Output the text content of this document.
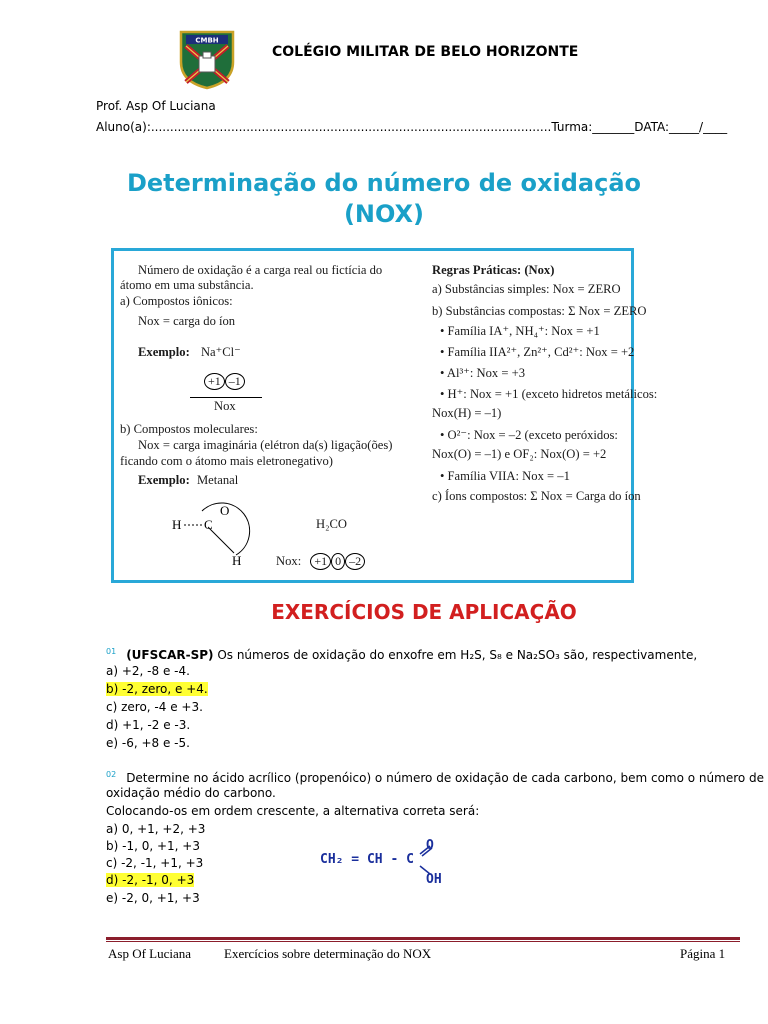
CMBH
COLÉGIO MILITAR DE BELO HORIZONTE
Prof. Asp Of Luciana
Aluno(a):.........................................................................................................Turma:_______DATA:_____/____
Determinação do número de oxidação
(NOX)
Número de oxidação é a carga real ou fictícia do
átomo em uma substância.
a) Compostos iônicos:
Nox = carga do íon
Exemplo: Na⁺Cl⁻
+1 –1
Nox
b) Compostos moleculares:
Nox = carga imaginária (elétron da(s) ligação(ões)
ficando com o átomo mais eletronegativo)
Exemplo: Metanal
H C
O
H
H₂CO
Nox: +1 0 –2
Regras Práticas: (Nox)
a) Substâncias simples: Nox = ZERO
b) Substâncias compostas: Σ Nox = ZERO
• Família IA⁺, NH₄⁺: Nox = +1
• Família IIA²⁺, Zn²⁺, Cd²⁺: Nox = +2
• Al³⁺: Nox = +3
• H⁺: Nox = +1 (exceto hidretos metálicos:
Nox(H) = –1)
• O²⁻: Nox = –2 (exceto peróxidos:
Nox(O) = –1) e OF₂: Nox(O) = +2
• Família VIIA: Nox = –1
c) Íons compostos: Σ Nox = Carga do íon
EXERCÍCIOS DE APLICAÇÃO
$^{01}$ (UFSCAR-SP) Os números de oxidação do enxofre em H₂S, S₈ e Na₂SO₃ são, respectivamente,
a) +2, -8 e -4.
b) -2, zero, e +4.
c) zero, -4 e +3.
d) +1, -2 e -3.
e) -6, +8 e -5.
$^{02}$ Determine no ácido acrílico (propenóico) o número de oxidação de cada carbono, bem como o número de
oxidação médio do carbono.
Colocando-os em ordem crescente, a alternativa correta será:
a) 0, +1, +2, +3
b) -1, 0, +1, +3
c) -2, -1, +1, +3
d) -2, -1, 0, +3
e) -2, 0, +1, +3
CH₂ = CH - C
O
OH
Asp Of Luciana	Exercícios sobre determinação do NOX	Página 1
